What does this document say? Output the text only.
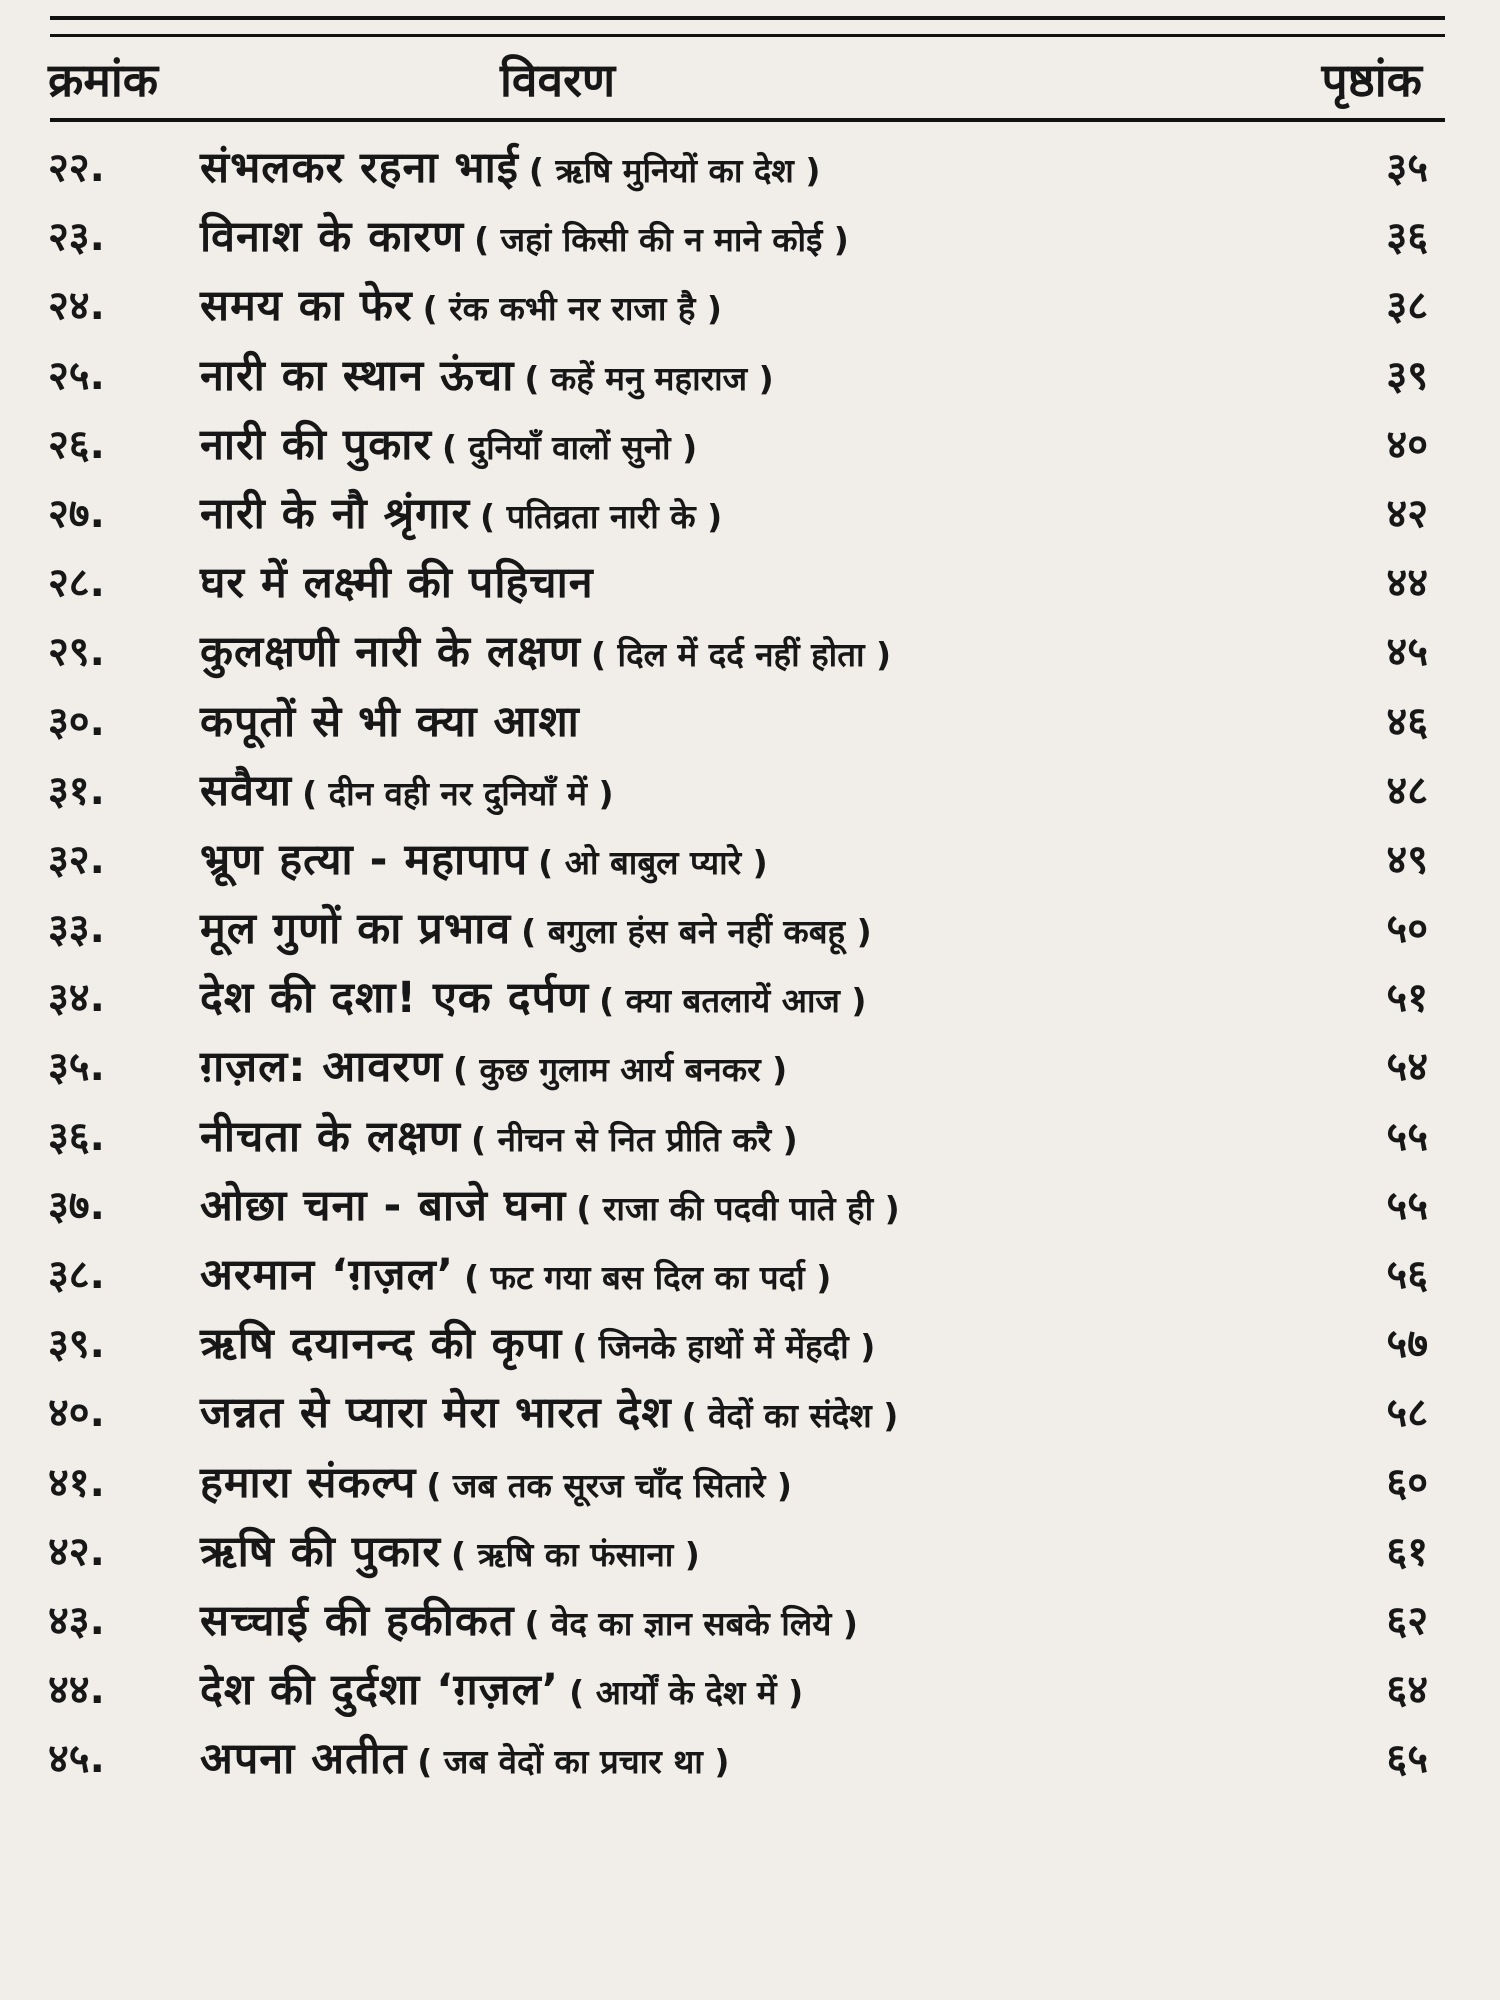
क्रमांक	विवरण	पृष्ठांक
२२.	संभलकर रहना भाई ( ऋषि मुनियों का देश )	३५
२३.	विनाश के कारण ( जहां किसी की न माने कोई )	३६
२४.	समय का फेर ( रंक कभी नर राजा है )	३८
२५.	नारी का स्थान ऊंचा ( कहें मनु महाराज )	३९
२६.	नारी की पुकार ( दुनियाँ वालों सुनो )	४०
२७.	नारी के नौ श्रृंगार ( पतिव्रता नारी के )	४२
२८.	घर में लक्ष्मी की पहिचान	४४
२९.	कुलक्षणी नारी के लक्षण ( दिल में दर्द नहीं होता )	४५
३०.	कपूतों से भी क्या आशा	४६
३१.	सवैया ( दीन वही नर दुनियाँ में )	४८
३२.	भ्रूण हत्या - महापाप ( ओ बाबुल प्यारे )	४९
३३.	मूल गुणों का प्रभाव ( बगुला हंस बने नहीं कबहू )	५०
३४.	देश की दशा! एक दर्पण ( क्या बतलायें आज )	५१
३५.	ग़ज़ल: आवरण ( कुछ गुलाम आर्य बनकर )	५४
३६.	नीचता के लक्षण ( नीचन से नित प्रीति करै )	५५
३७.	ओछा चना - बाजे घना ( राजा की पदवी पाते ही )	५५
३८.	अरमान ‘ग़ज़ल’ ( फट गया बस दिल का पर्दा )	५६
३९.	ऋषि दयानन्द की कृपा ( जिनके हाथों में मेंहदी )	५७
४०.	जन्नत से प्यारा मेरा भारत देश ( वेदों का संदेश )	५८
४१.	हमारा संकल्प ( जब तक सूरज चाँद सितारे )	६०
४२.	ऋषि की पुकार ( ऋषि का फंसाना )	६१
४३.	सच्चाई की हकीकत ( वेद का ज्ञान सबके लिये )	६२
४४.	देश की दुर्दशा ‘ग़ज़ल’ ( आर्यों के देश में )	६४
४५.	अपना अतीत ( जब वेदों का प्रचार था )	६५
